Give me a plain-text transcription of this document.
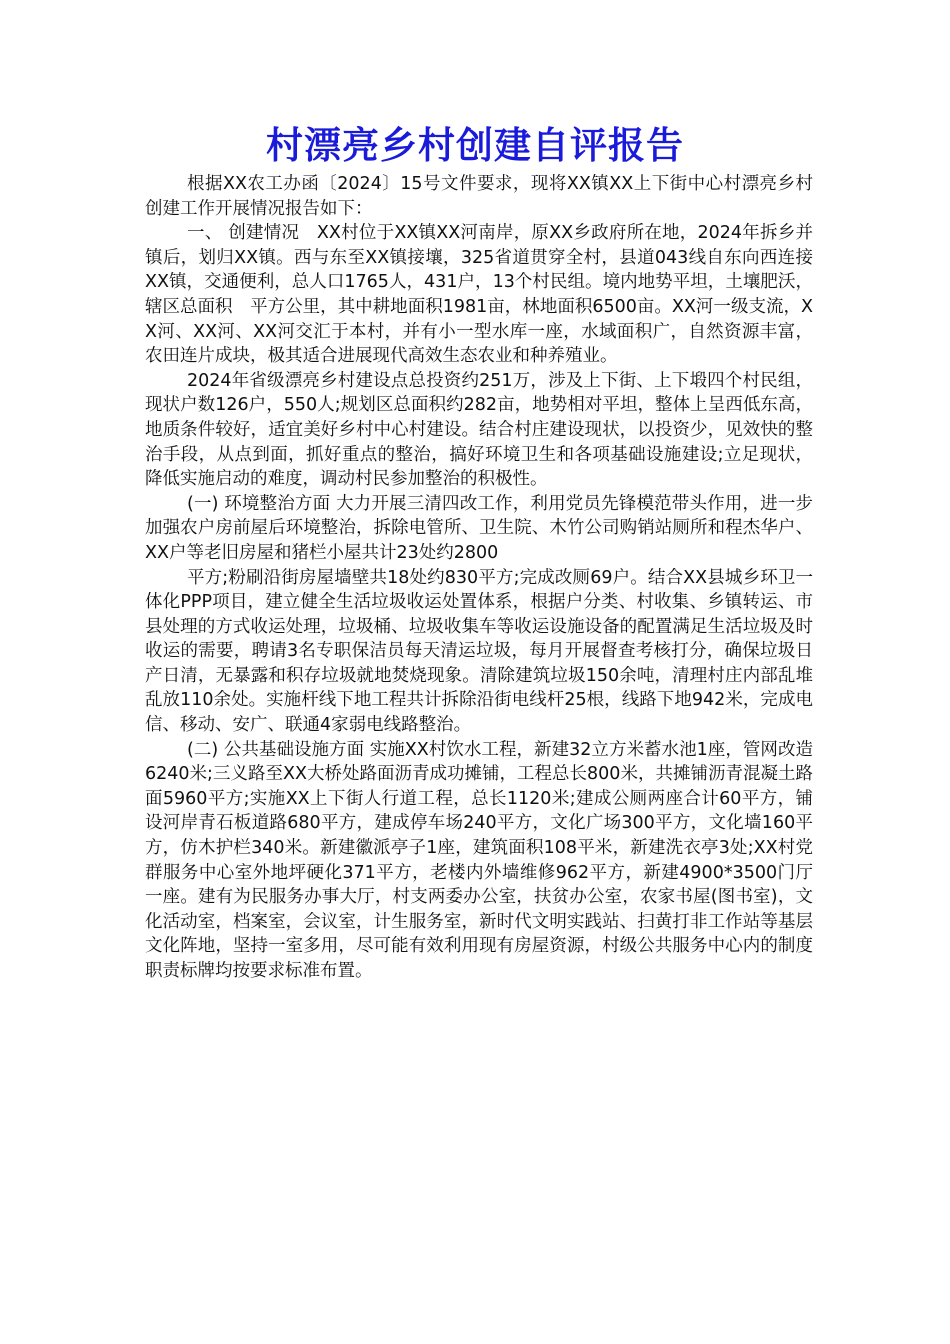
村漂亮乡村创建自评报告

根据XX农工办函〔2024〕15号文件要求，现将XX镇XX上下街中心村漂亮乡村创建工作开展情况报告如下：

一、 创建情况　XX村位于XX镇XX河南岸，原XX乡政府所在地，2024年拆乡并镇后，划归XX镇。西与东至XX镇接壤，325省道贯穿全村，县道043线自东向西连接XX镇，交通便利，总人口1765人，431户，13个村民组。境内地势平坦，土壤肥沃，辖区总面积　平方公里，其中耕地面积1981亩，林地面积6500亩。XX河一级支流，XX河、XX河、XX河交汇于本村，并有小一型水库一座，水域面积广，自然资源丰富，农田连片成块，极其适合进展现代高效生态农业和种养殖业。

2024年省级漂亮乡村建设点总投资约251万，涉及上下街、上下塅四个村民组，现状户数126户，550人;规划区总面积约282亩，地势相对平坦，整体上呈西低东高，地质条件较好，适宜美好乡村中心村建设。结合村庄建设现状，以投资少，见效快的整治手段，从点到面，抓好重点的整治，搞好环境卫生和各项基础设施建设;立足现状，降低实施启动的难度，调动村民参加整治的积极性。

(一) 环境整治方面 大力开展三清四改工作，利用党员先锋模范带头作用，进一步加强农户房前屋后环境整治，拆除电管所、卫生院、木竹公司购销站厕所和程杰华户、XX户等老旧房屋和猪栏小屋共计23处约2800

平方;粉刷沿街房屋墙壁共18处约830平方;完成改厕69户。结合XX县城乡环卫一体化PPP项目，建立健全生活垃圾收运处置体系，根据户分类、村收集、乡镇转运、市县处理的方式收运处理，垃圾桶、垃圾收集车等收运设施设备的配置满足生活垃圾及时收运的需要，聘请3名专职保洁员每天清运垃圾，每月开展督查考核打分，确保垃圾日产日清，无暴露和积存垃圾就地焚烧现象。清除建筑垃圾150余吨，清理村庄内部乱堆乱放110余处。实施杆线下地工程共计拆除沿街电线杆25根，线路下地942米，完成电信、移动、安广、联通4家弱电线路整治。

(二) 公共基础设施方面 实施XX村饮水工程，新建32立方米蓄水池1座，管网改造6240米;三义路至XX大桥处路面沥青成功摊铺，工程总长800米，共摊铺沥青混凝土路面5960平方;实施XX上下街人行道工程，总长1120米;建成公厕两座合计60平方，铺设河岸青石板道路680平方，建成停车场240平方，文化广场300平方，文化墙160平方，仿木护栏340米。新建徽派亭子1座，建筑面积108平米，新建洗衣亭3处;XX村党群服务中心室外地坪硬化371平方，老楼内外墙维修962平方，新建4900*3500门厅一座。建有为民服务办事大厅，村支两委办公室，扶贫办公室，农家书屋(图书室)，文化活动室，档案室，会议室，计生服务室，新时代文明实践站、扫黄打非工作站等基层文化阵地，坚持一室多用，尽可能有效利用现有房屋资源，村级公共服务中心内的制度职责标牌均按要求标准布置。
